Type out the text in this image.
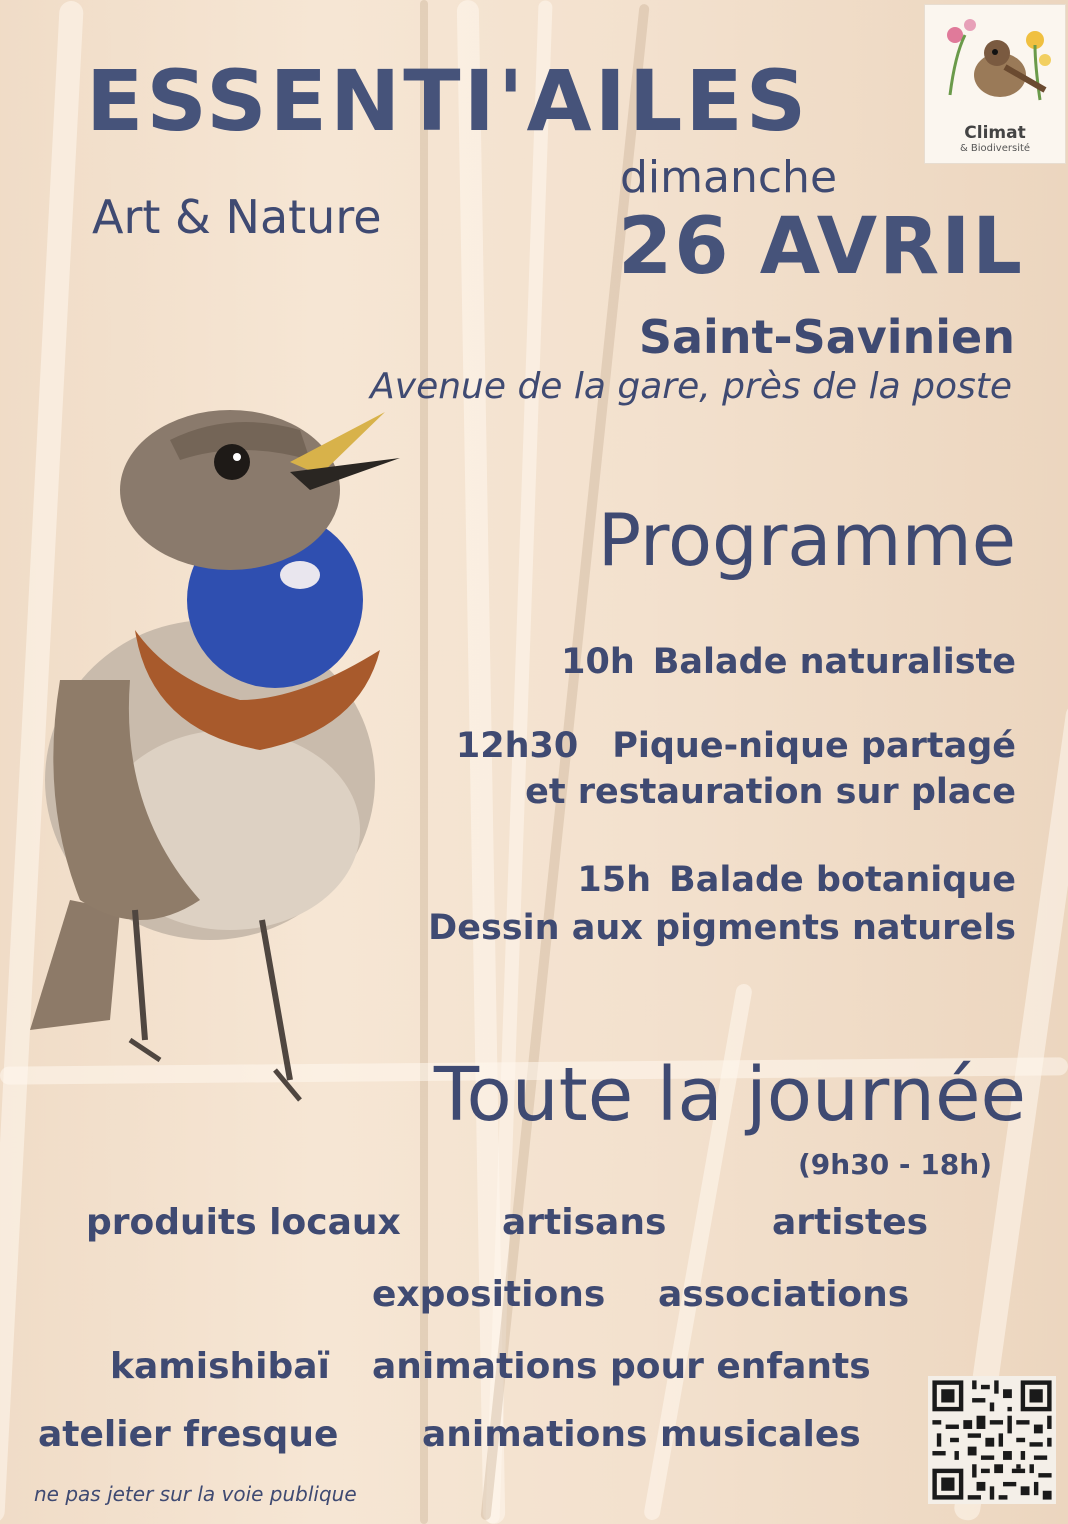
Climat
& Biodiversité
ESSENTI'AILES
Art & Nature
dimanche
26 AVRIL
Saint-Savinien
Avenue de la gare, près de la poste
Programme
10h Balade naturaliste
12h30 Pique-nique partagé
et restauration sur place
15h Balade botanique
Dessin aux pigments naturels
Toute la journée
(9h30 - 18h)
produits locaux	artisans	artistes
expositions associations
kamishibaï animations pour enfants
atelier fresque animations musicales
ne pas jeter sur la voie publique
